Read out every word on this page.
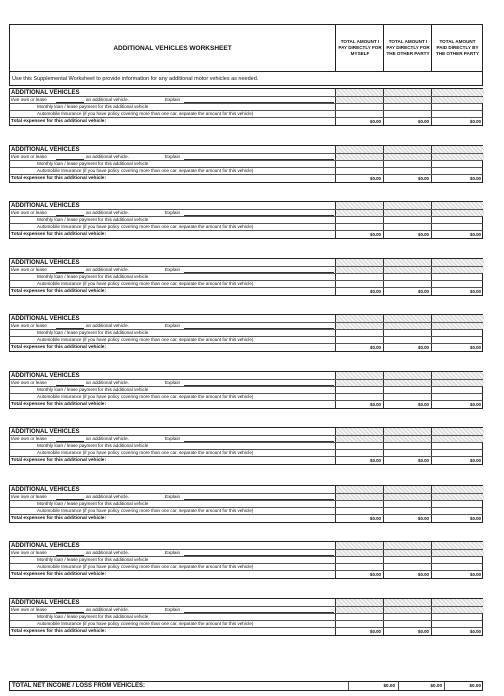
ADDITIONAL VEHICLES WORKSHEET
TOTAL AMOUNT I PAY DIRECTLY FOR MYSELF
TOTAL AMOUNT I PAY DIRECTLY FOR THE OTHER PARTY
TOTAL AMOUNT PAID DIRECTLY BY THE OTHER PARTY
Use this Supplemental Worksheet to provide information for any additional motor vehicles as needed.
ADDITIONAL VEHICLES
I/we own or lease	an additional vehicle.	Explain
Monthly loan / lease payment for this additional vehicle
Automobile Insurance (if you have policy covering more than one car, separate the amount for this vehicle)
Total expenses for this additional vehicle:	$0.00	$0.00	$0.00
ADDITIONAL VEHICLES
I/we own or lease	an additional vehicle.	Explain
Monthly loan / lease payment for this additional vehicle
Automobile Insurance (if you have policy covering more than one car, separate the amount for this vehicle)
Total expenses for this additional vehicle:	$0.00	$0.00	$0.00
ADDITIONAL VEHICLES
I/we own or lease	an additional vehicle.	Explain
Monthly loan / lease payment for this additional vehicle
Automobile Insurance (if you have policy covering more than one car, separate the amount for this vehicle)
Total expenses for this additional vehicle:	$0.00	$0.00	$0.00
ADDITIONAL VEHICLES
I/we own or lease	an additional vehicle.	Explain
Monthly loan / lease payment for this additional vehicle
Automobile Insurance (if you have policy covering more than one car, separate the amount for this vehicle)
Total expenses for this additional vehicle:	$0.00	$0.00	$0.00
ADDITIONAL VEHICLES
I/we own or lease	an additional vehicle.	Explain
Monthly loan / lease payment for this additional vehicle
Automobile Insurance (if you have policy covering more than one car, separate the amount for this vehicle)
Total expenses for this additional vehicle:	$0.00	$0.00	$0.00
ADDITIONAL VEHICLES
I/we own or lease	an additional vehicle.	Explain
Monthly loan / lease payment for this additional vehicle
Automobile Insurance (if you have policy covering more than one car, separate the amount for this vehicle)
Total expenses for this additional vehicle:	$0.00	$0.00	$0.00
ADDITIONAL VEHICLES
I/we own or lease	an additional vehicle.	Explain
Monthly loan / lease payment for this additional vehicle
Automobile Insurance (if you have policy covering more than one car, separate the amount for this vehicle)
Total expenses for this additional vehicle:	$0.00	$0.00	$0.00
ADDITIONAL VEHICLES
I/we own or lease	an additional vehicle.	Explain
Monthly loan / lease payment for this additional vehicle
Automobile Insurance (if you have policy covering more than one car, separate the amount for this vehicle)
Total expenses for this additional vehicle:	$0.00	$0.00	$0.00
ADDITIONAL VEHICLES
I/we own or lease	an additional vehicle.	Explain
Monthly loan / lease payment for this additional vehicle
Automobile Insurance (if you have policy covering more than one car, separate the amount for this vehicle)
Total expenses for this additional vehicle:	$0.00	$0.00	$0.00
ADDITIONAL VEHICLES
I/we own or lease	an additional vehicle.	Explain
Monthly loan / lease payment for this additional vehicle
Automobile Insurance (if you have policy covering more than one car, separate the amount for this vehicle)
Total expenses for this additional vehicle:	$0.00	$0.00	$0.00
TOTAL NET INCOME / LOSS FROM VEHICLES:	$0.00	$0.00	$0.00
